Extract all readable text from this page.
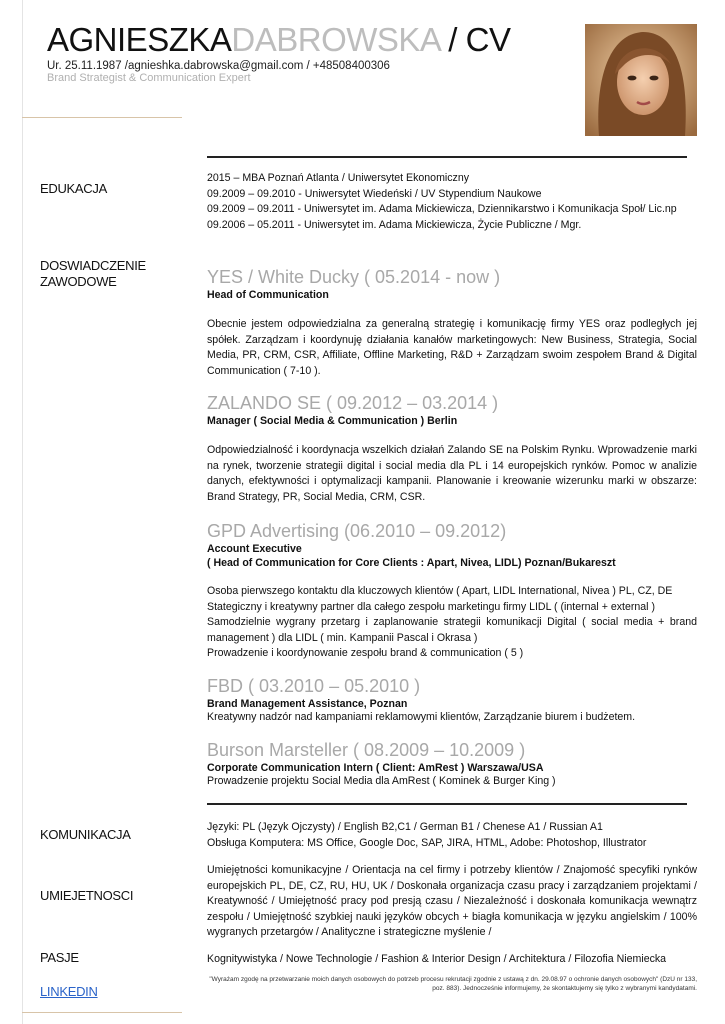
AGNIESZKADABROWSKA / CV
Ur. 25.11.1987 /agnieshka.dabrowska@gmail.com / +48508400306
Brand Strategist & Communication Expert
EDUKACJA
2015 – MBA Poznań Atlanta / Uniwersytet Ekonomiczny
09.2009 – 09.2010 - Uniwersytet Wiedeński / UV Stypendium Naukowe
09.2009 – 09.2011 - Uniwersytet im. Adama Mickiewicza, Dziennikarstwo i Komunikacja Społ/ Lic.np
09.2006 – 05.2011 - Uniwersytet im. Adama Mickiewicza, Życie Publiczne / Mgr.
DOSWIADCZENIE
ZAWODOWE	YES / White Ducky ( 05.2014 - now )
Head of Communication
Obecnie jestem odpowiedzialna za generalną strategię i komunikację firmy YES oraz podległych jej spółek. Zarządzam i koordynuję działania kanałów marketingowych: New Business, Strategia, Social Media, PR, CRM, CSR, Affiliate, Offline Marketing, R&D + Zarządzam swoim zespołem Brand & Digital Communication ( 7-10 ).
ZALANDO SE ( 09.2012 – 03.2014 )
Manager ( Social Media & Communication ) Berlin
Odpowiedzialność i koordynacja wszelkich działań Zalando SE na Polskim Rynku. Wprowadzenie marki na rynek, tworzenie strategii digital i social media dla PL i 14 europejskich rynków. Pomoc w analizie danych, efektywności i optymalizacji kampanii. Planowanie i kreowanie wizerunku marki w obszarze: Brand Strategy, PR, Social Media, CRM, CSR.
GPD Advertising (06.2010 – 09.2012)
Account Executive
( Head of Communication for Core Clients : Apart, Nivea, LIDL) Poznan/Bukareszt
Osoba pierwszego kontaktu dla kluczowych klientów ( Apart, LIDL International, Nivea ) PL, CZ, DE
Stategiczny i kreatywny partner dla całego zespołu marketingu firmy LIDL ( (internal + external )
Samodzielnie wygrany przetarg i zaplanowanie strategii komunikacji Digital ( social media + brand management ) dla LIDL ( min. Kampanii Pascal i Okrasa )
Prowadzenie i koordynowanie zespołu brand & communication ( 5 )
FBD ( 03.2010 – 05.2010 )
Brand Management Assistance, Poznan
Kreatywny nadzór nad kampaniami reklamowymi klientów, Zarządzanie biurem i budżetem.
Burson Marsteller ( 08.2009 – 10.2009 )
Corporate Communication Intern ( Client: AmRest ) Warszawa/USA
Prowadzenie projektu Social Media dla AmRest ( Kominek & Burger King )
KOMUNIKACJA	Języki: PL (Język Ojczysty) / English B2,C1 / German B1 / Chenese A1 / Russian A1
Obsługa Komputera: MS Office, Google Doc, SAP, JIRA, HTML, Adobe: Photoshop, Illustrator
UMIEJETNOSCI
Umiejętności komunikacyjne / Orientacja na cel firmy i potrzeby klientów / Znajomość specyfiki rynków europejskich PL, DE, CZ, RU, HU, UK / Doskonała organizacja czasu pracy i zarządzaniem projektami / Kreatywność / Umiejętność pracy pod presją czasu / Niezależność i doskonała komunikacja wewnątrz zespołu / Umiejętność szybkiej nauki języków obcych + biagła komunikacja w języku angielskim / 100% wygranych przetargów / Analityczne i strategiczne myślenie /
PASJE	Kognitywistyka / Nowe Technologie / Fashion & Interior Design / Architektura / Filozofia Niemiecka
"Wyrażam zgodę na przetwarzanie moich danych osobowych do potrzeb procesu rekrutacji zgodnie z ustawą z dn. 29.08.97 o ochronie danych osobowych" (DzU nr 133, poz. 883). Jednocześnie informujemy, że skontaktujemy się tylko z wybranymi kandydatami.
LINKEDIN
